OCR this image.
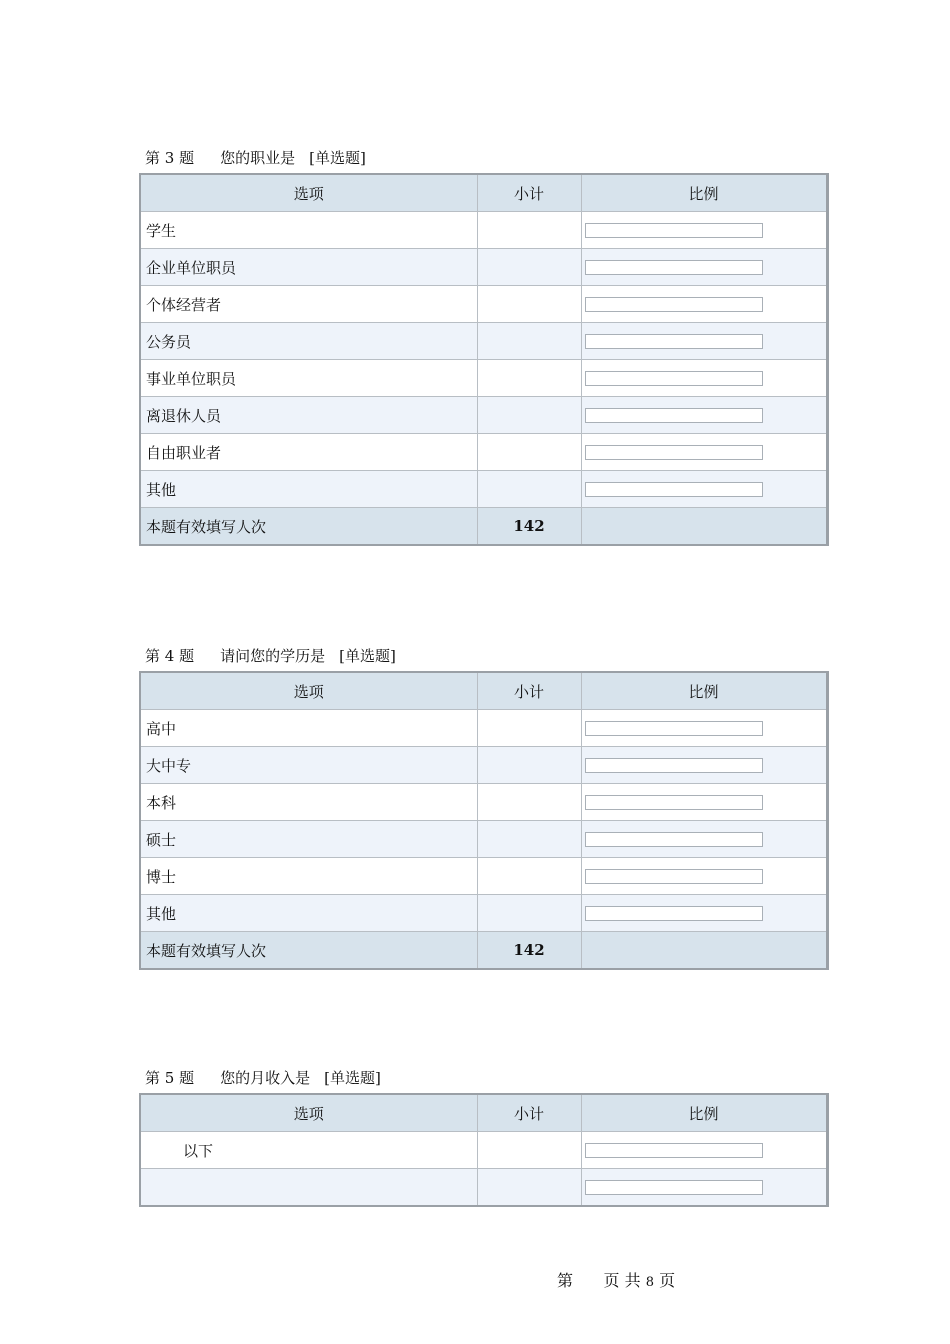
第 3 题 您的职业是 [单选题]
选项	小计	比例
学生		

企业单位职员		

个体经营者		

公务员		

事业单位职员		

离退休人员		

自由职业者		

其他		

本题有效填写人次	142	
第 4 题 请问您的学历是 [单选题]
选项	小计	比例
高中		

大中专		

本科		

硕士		

博士		

其他		

本题有效填写人次	142	
第 5 题 您的月收入是 [单选题]
选项	小计	比例
以下		

第 页 共 8 页
